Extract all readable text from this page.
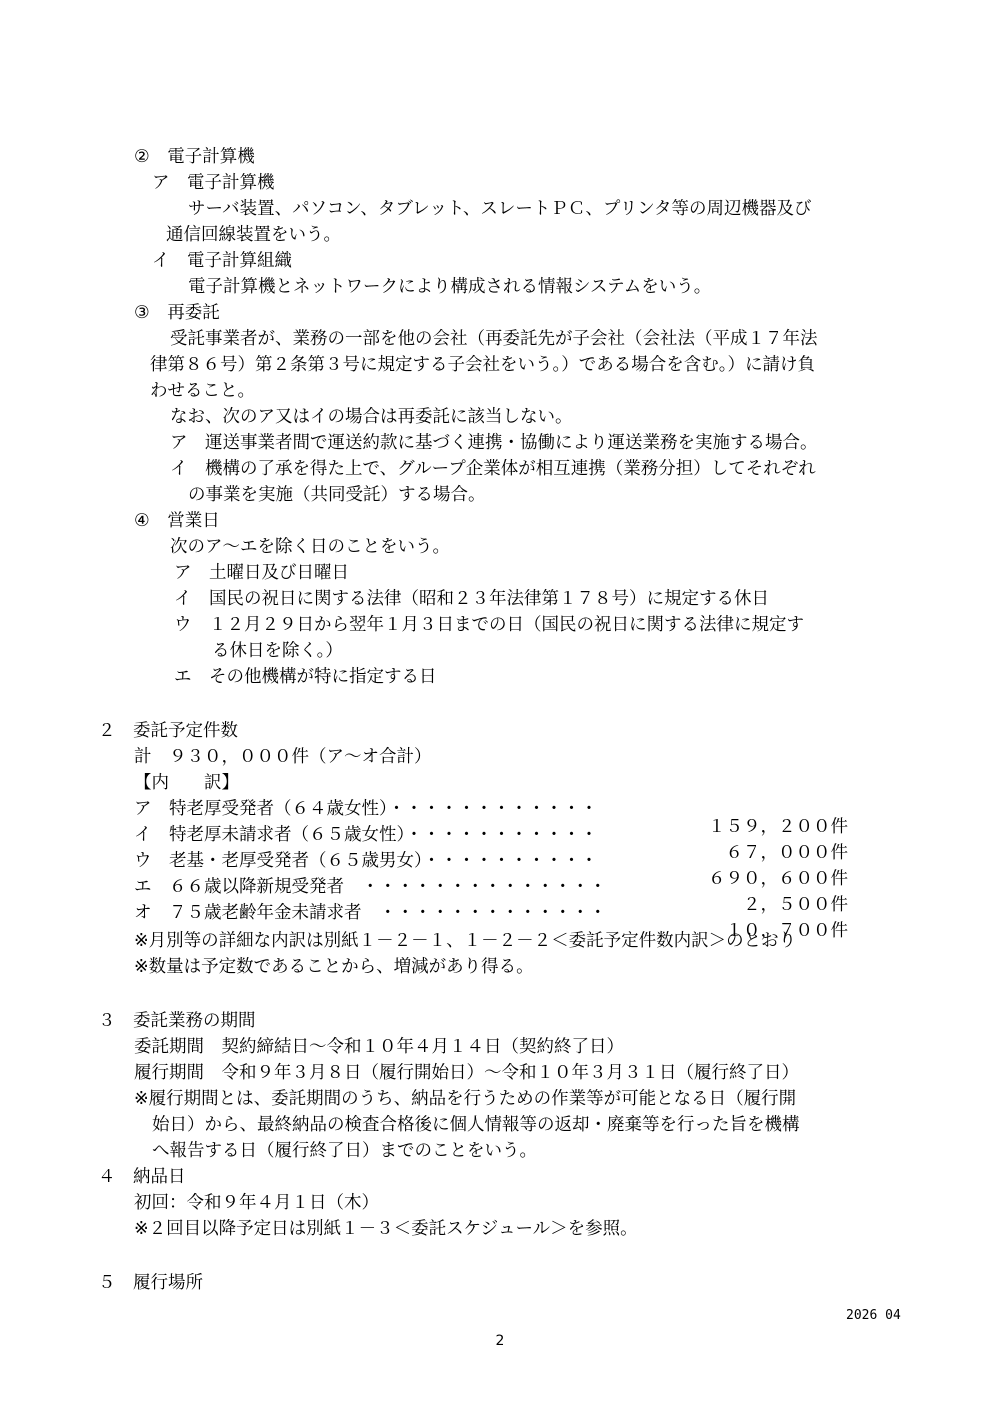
②　電子計算機

ア　電子計算機

サーバ装置、パソコン、タブレット、スレートＰＣ、プリンタ等の周辺機器及び

通信回線装置をいう。

イ　電子計算組織

電子計算機とネットワークにより構成される情報システムをいう。

③　再委託

受託事業者が、業務の一部を他の会社（再委託先が子会社（会社法（平成１７年法

律第８６号）第２条第３号に規定する子会社をいう。）である場合を含む。）に請け負

わせること。

なお、次のア又はイの場合は再委託に該当しない。

ア　運送事業者間で運送約款に基づく連携・協働により運送業務を実施する場合。

イ　機構の了承を得た上で、グループ企業体が相互連携（業務分担）してそれぞれ

の事業を実施（共同受託）する場合。

④　営業日

次のア～エを除く日のことをいう。

ア　土曜日及び日曜日

イ　国民の祝日に関する法律（昭和２３年法律第１７８号）に規定する休日

ウ　１２月２９日から翌年１月３日までの日（国民の祝日に関する法律に規定す

る休日を除く。）

エ　その他機構が特に指定する日

２　委託予定件数

計　９３０，０００件（ア～オ合計）

【内　　訳】

ア　特老厚受発者（６４歳女性）・・・・・・・・・・・・

１５９，２００件

イ　特老厚未請求者（６５歳女性）・・・・・・・・・・・

６７，０００件

ウ　老基・老厚受発者（６５歳男女）・・・・・・・・・・

６９０，６００件

エ　６６歳以降新規受発者　・・・・・・・・・・・・・・

２，５００件

オ　７５歳老齢年金未請求者　・・・・・・・・・・・・・

１０，７００件

※月別等の詳細な内訳は別紙１－２－１、１－２－２＜委託予定件数内訳＞のとおり

※数量は予定数であることから、増減があり得る。

３　委託業務の期間

委託期間　契約締結日～令和１０年４月１４日（契約終了日）

履行期間　令和９年３月８日（履行開始日）～令和１０年３月３１日（履行終了日）

※履行期間とは、委託期間のうち、納品を行うための作業等が可能となる日（履行開

始日）から、最終納品の検査合格後に個人情報等の返却・廃棄等を行った旨を機構

へ報告する日（履行終了日）までのことをいう。

４　納品日

初回：令和９年４月１日（木）

※２回目以降予定日は別紙１－３＜委託スケジュール＞を参照。

５　履行場所

2026 04
2
